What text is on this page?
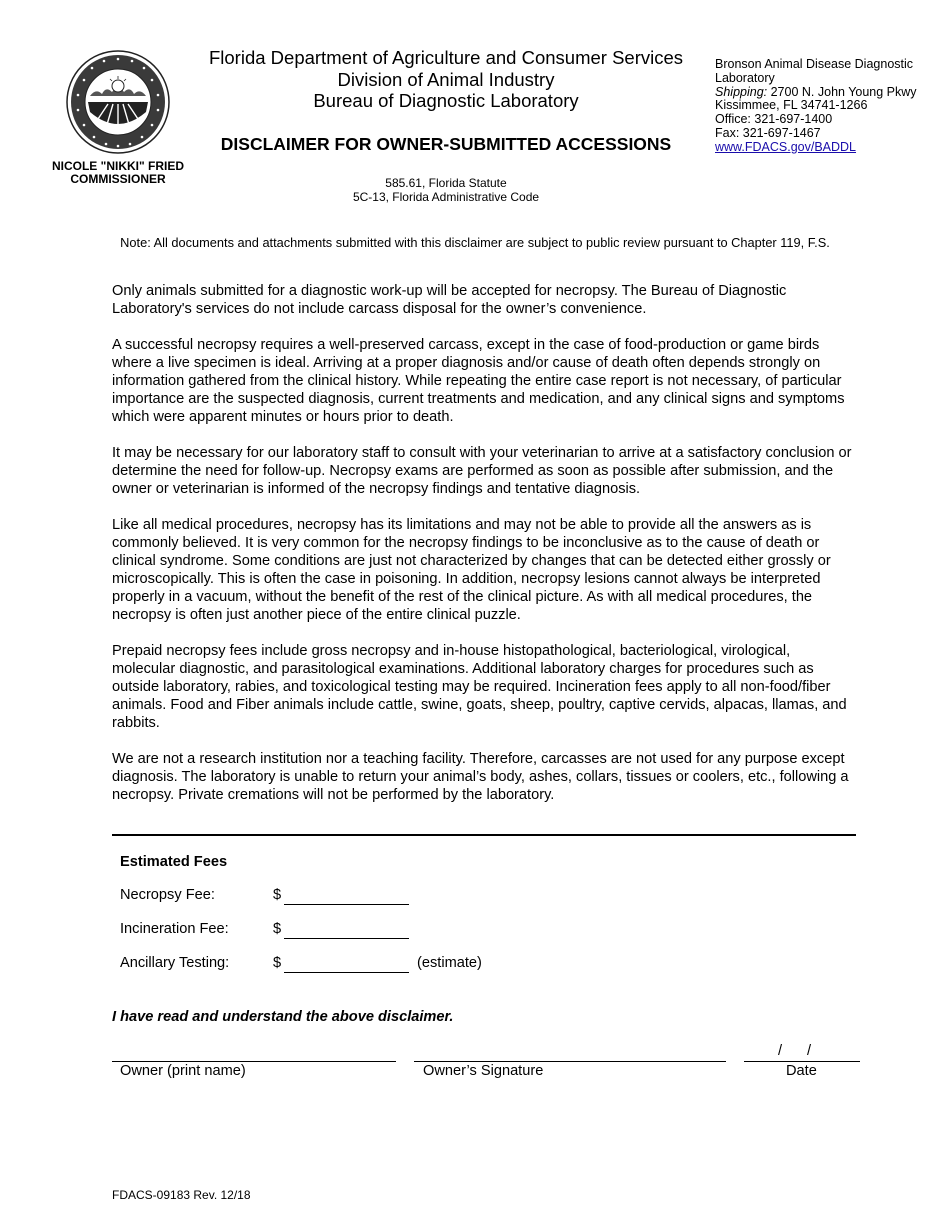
NICOLE "NIKKI" FRIED
COMMISSIONER
Florida Department of Agriculture and Consumer Services
Division of Animal Industry
Bureau of Diagnostic Laboratory
DISCLAIMER FOR OWNER-SUBMITTED ACCESSIONS
585.61, Florida Statute
5C-13, Florida Administrative Code
Bronson Animal Disease Diagnostic
Laboratory
Shipping: 2700 N. John Young Pkwy
Kissimmee, FL 34741-1266
Office: 321-697-1400
Fax: 321-697-1467
www.FDACS.gov/BADDL
Note: All documents and attachments submitted with this disclaimer are subject to public review pursuant to Chapter 119, F.S.

Only animals submitted for a diagnostic work-up will be accepted for necropsy. The Bureau of Diagnostic Laboratory's services do not include carcass disposal for the owner’s convenience.

A successful necropsy requires a well-preserved carcass, except in the case of food-production or game birds where a live specimen is ideal. Arriving at a proper diagnosis and/or cause of death often depends strongly on information gathered from the clinical history. While repeating the entire case report is not necessary, of particular importance are the suspected diagnosis, current treatments and medication, and any clinical signs and symptoms which were apparent minutes or hours prior to death.

It may be necessary for our laboratory staff to consult with your veterinarian to arrive at a satisfactory conclusion or determine the need for follow-up. Necropsy exams are performed as soon as possible after submission, and the owner or veterinarian is informed of the necropsy findings and tentative diagnosis.

Like all medical procedures, necropsy has its limitations and may not be able to provide all the answers as is commonly believed. It is very common for the necropsy findings to be inconclusive as to the cause of death or clinical syndrome. Some conditions are just not characterized by changes that can be detected either grossly or microscopically. This is often the case in poisoning. In addition, necropsy lesions cannot always be interpreted properly in a vacuum, without the benefit of the rest of the clinical picture. As with all medical procedures, the necropsy is often just another piece of the entire clinical puzzle.

Prepaid necropsy fees include gross necropsy and in-house histopathological, bacteriological, virological, molecular diagnostic, and parasitological examinations. Additional laboratory charges for procedures such as outside laboratory, rabies, and toxicological testing may be required. Incineration fees apply to all non-food/fiber animals. Food and Fiber animals include cattle, swine, goats, sheep, poultry, captive cervids, alpacas, llamas, and rabbits.

We are not a research institution nor a teaching facility. Therefore, carcasses are not used for any purpose except diagnosis. The laboratory is unable to return your animal’s body, ashes, collars, tissues or coolers, etc., following a necropsy. Private cremations will not be performed by the laboratory.

Estimated Fees
Necropsy Fee:	$
Incineration Fee:	$
Ancillary Testing:	$	(estimate)
I have read and understand the above disclaimer.
/ /
Owner (print name)	Owner’s Signature	Date
FDACS-09183 Rev. 12/18
